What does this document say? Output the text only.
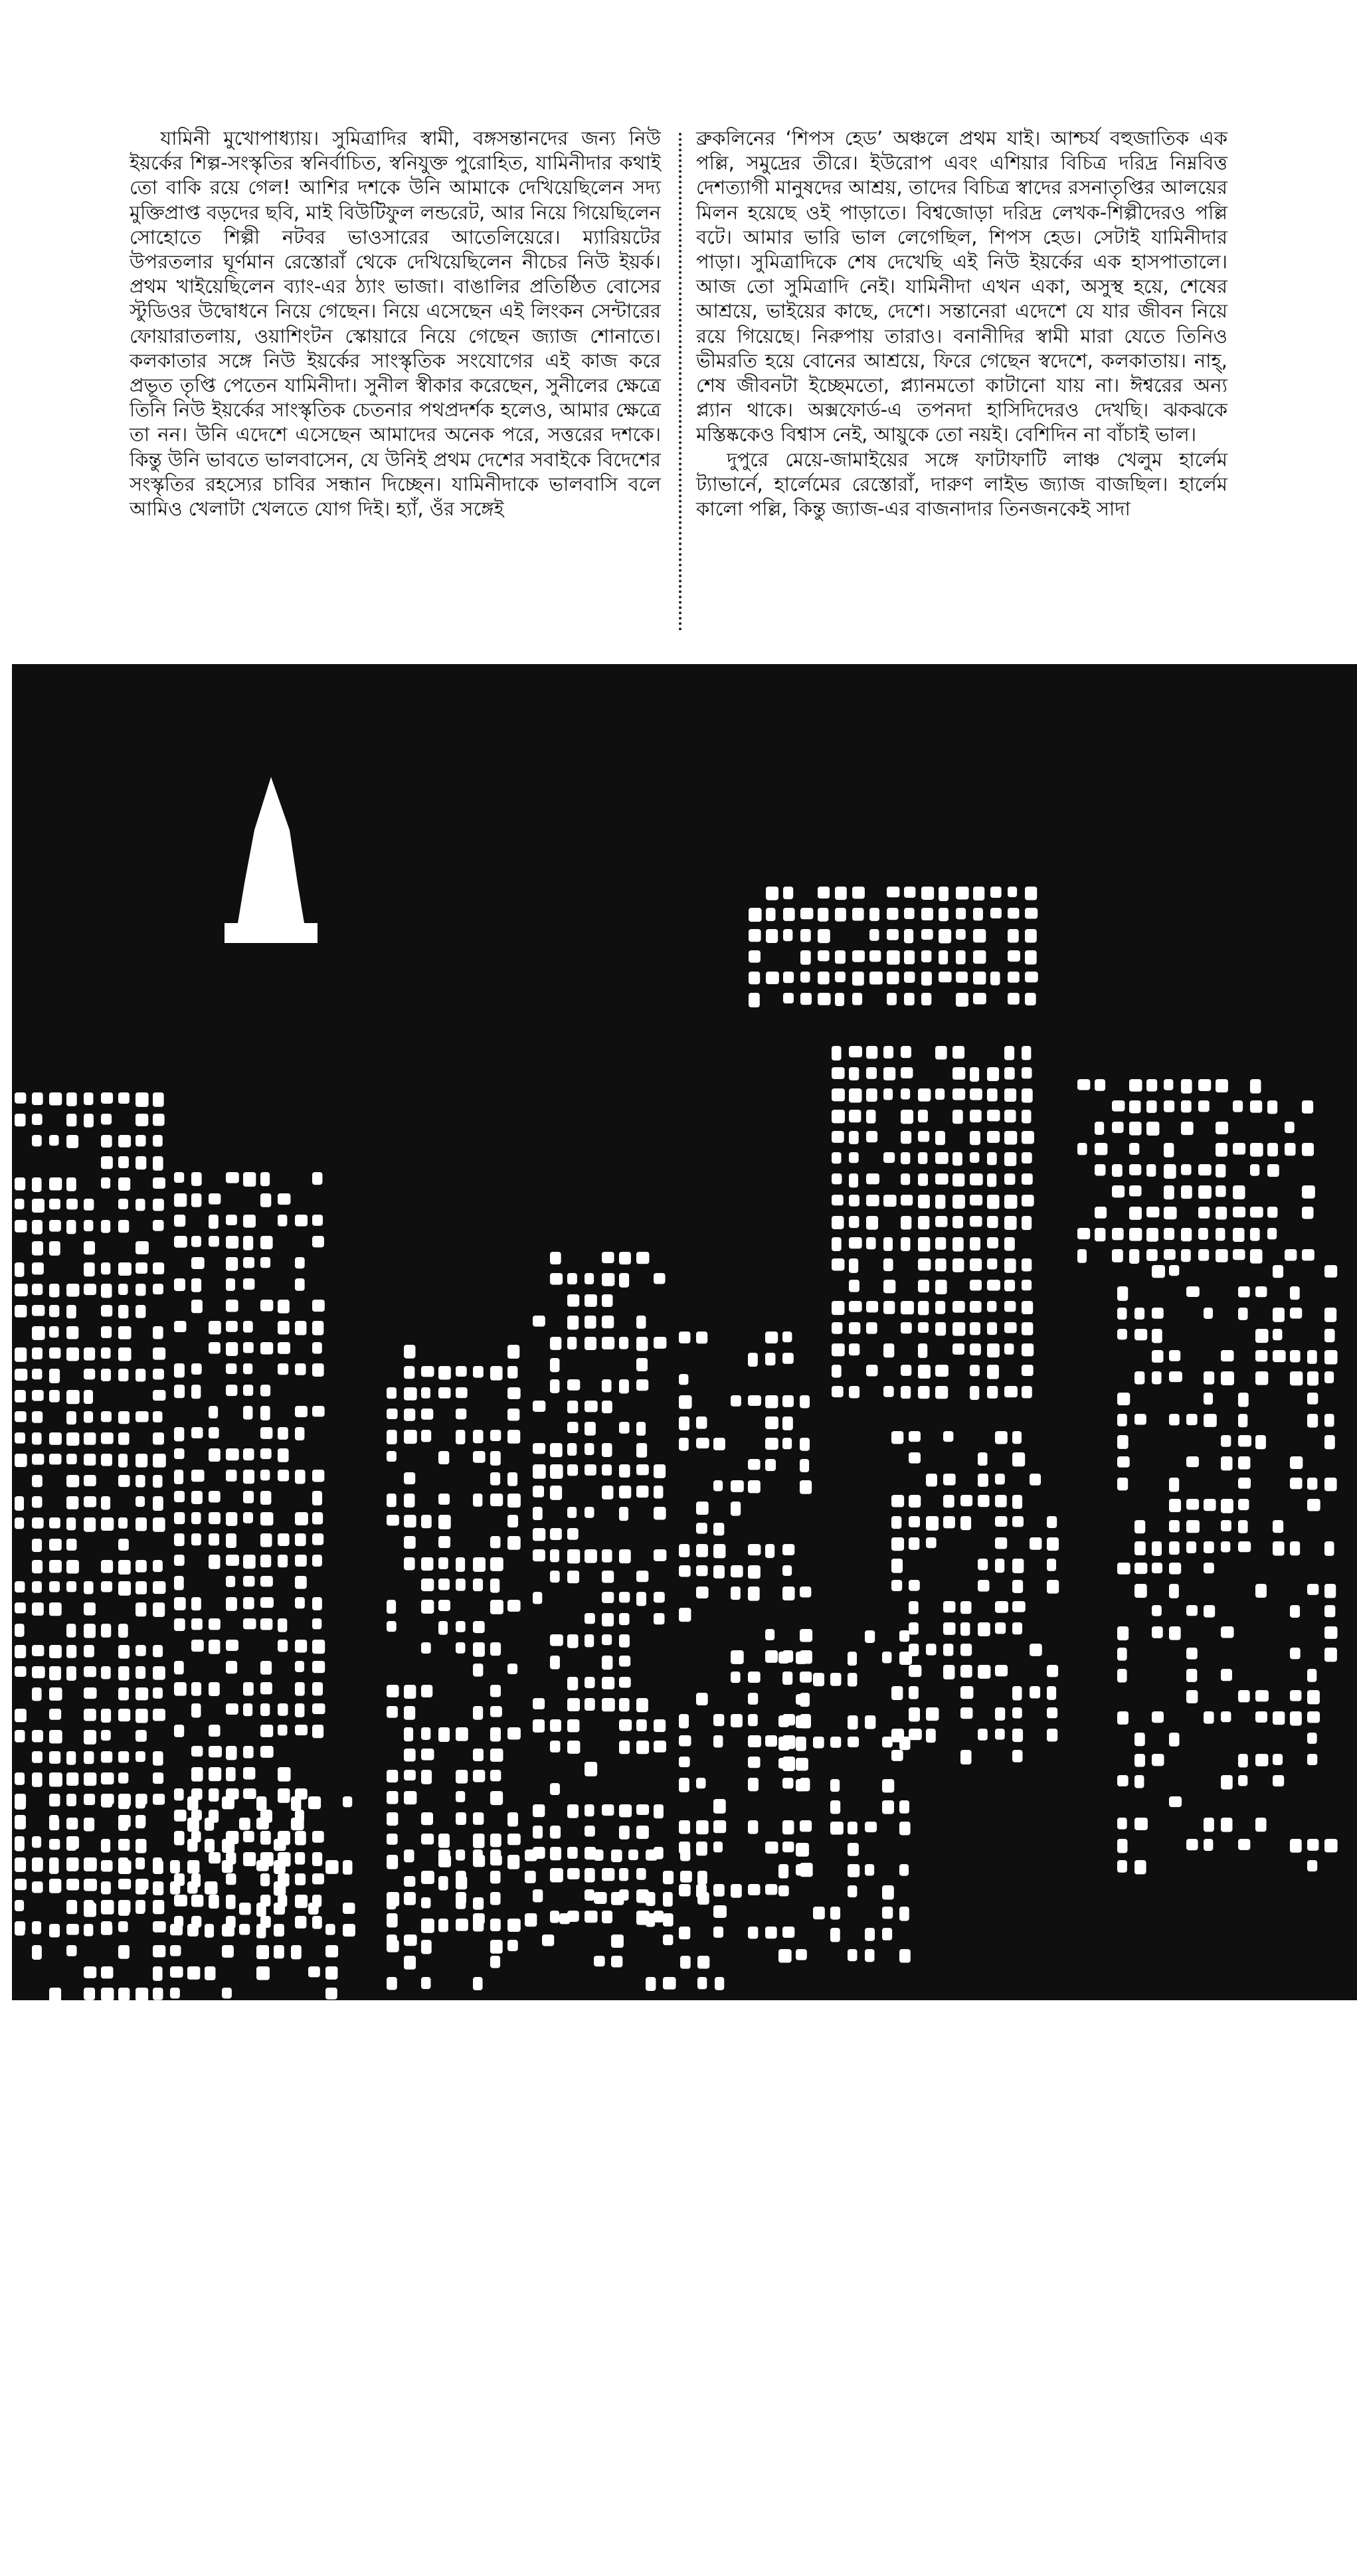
যামিনী মুখোপাধ্যায়। সুমিত্রাদির স্বামী, বঙ্গসন্তানদের জন্য নিউ ইয়র্কের শিল্প-সংস্কৃতির স্বনির্বাচিত, স্বনিযুক্ত পুরোহিত, যামিনীদার কথাই তো বাকি রয়ে গেল! আশির দশকে উনি আমাকে দেখিয়েছিলেন সদ্য মুক্তিপ্রাপ্ত বড়দের ছবি, মাই বিউটিফুল লন্ডরেট, আর নিয়ে গিয়েছিলেন সোহোতে শিল্পী নটবর ভাওসারের আতেলিয়েরে। ম্যারিয়টের উপরতলার ঘূর্ণমান রেস্তোরাঁ থেকে দেখিয়েছিলেন নীচের নিউ ইয়র্ক। প্রথম খাইয়েছিলেন ব্যাং-এর ঠ্যাং ভাজা। বাঙালির প্রতিষ্ঠিত বোসের স্টুডিওর উদ্বোধনে নিয়ে গেছেন। নিয়ে এসেছেন এই লিংকন সেন্টারের ফোয়ারাতলায়, ওয়াশিংটন স্কোয়ারে নিয়ে গেছেন জ্যাজ শোনাতে। কলকাতার সঙ্গে নিউ ইয়র্কের সাংস্কৃতিক সংযোগের এই কাজ করে প্রভূত তৃপ্তি পেতেন যামিনীদা। সুনীল স্বীকার করেছেন, সুনীলের ক্ষেত্রে তিনি নিউ ইয়র্কের সাংস্কৃতিক চেতনার পথপ্রদর্শক হলেও, আমার ক্ষেত্রে তা নন। উনি এদেশে এসেছেন আমাদের অনেক পরে, সত্তরের দশকে। কিন্তু উনি ভাবতে ভালবাসেন, যে উনিই প্রথম দেশের সবাইকে বিদেশের সংস্কৃতির রহস্যের চাবির সন্ধান দিচ্ছেন। যামিনীদাকে ভালবাসি বলে আমিও খেলাটা খেলতে যোগ দিই। হ্যাঁ, ওঁর সঙ্গেই

ব্রুকলিনের ‘শিপস হেড’ অঞ্চলে প্রথম যাই। আশ্চর্য বহুজাতিক এক পল্লি, সমুদ্রের তীরে। ইউরোপ এবং এশিয়ার বিচিত্র দরিদ্র নিম্নবিত্ত দেশত্যাগী মানুষদের আশ্রয়, তাদের বিচিত্র স্বাদের রসনাতৃপ্তির আলয়ের মিলন হয়েছে ওই পাড়াতে। বিশ্বজোড়া দরিদ্র লেখক-শিল্পীদেরও পল্লি বটে। আমার ভারি ভাল লেগেছিল, শিপস হেড। সেটাই যামিনীদার পাড়া। সুমিত্রাদিকে শেষ দেখেছি এই নিউ ইয়র্কের এক হাসপাতালে। আজ তো সুমিত্রাদি নেই। যামিনীদা এখন একা, অসুস্থ হয়ে, শেষের আশ্রয়ে, ভাইয়ের কাছে, দেশে। সন্তানেরা এদেশে যে যার জীবন নিয়ে রয়ে গিয়েছে। নিরুপায় তারাও। বনানীদির স্বামী মারা যেতে তিনিও ভীমরতি হয়ে বোনের আশ্রয়ে, ফিরে গেছেন স্বদেশে, কলকাতায়। নাহ্‌, শেষ জীবনটা ইচ্ছেমতো, প্ল্যানমতো কাটানো যায় না। ঈশ্বরের অন্য প্ল্যান থাকে। অক্সফোর্ড-এ তপনদা হাসিদিদেরও দেখছি। ঝকঝকে মস্তিষ্ককেও বিশ্বাস নেই, আয়ুকে তো নয়ই। বেশিদিন না বাঁচাই ভাল।

দুপুরে মেয়ে-জামাইয়ের সঙ্গে ফাটাফাটি লাঞ্চ খেলুম হার্লেম ট্যাভার্নে, হার্লেমের রেস্তোরাঁ, দারুণ লাইভ জ্যাজ বাজছিল। হার্লেম কালো পল্লি, কিন্তু জ্যাজ-এর বাজনাদার তিনজনকেই সাদা

রোববার ১৭
